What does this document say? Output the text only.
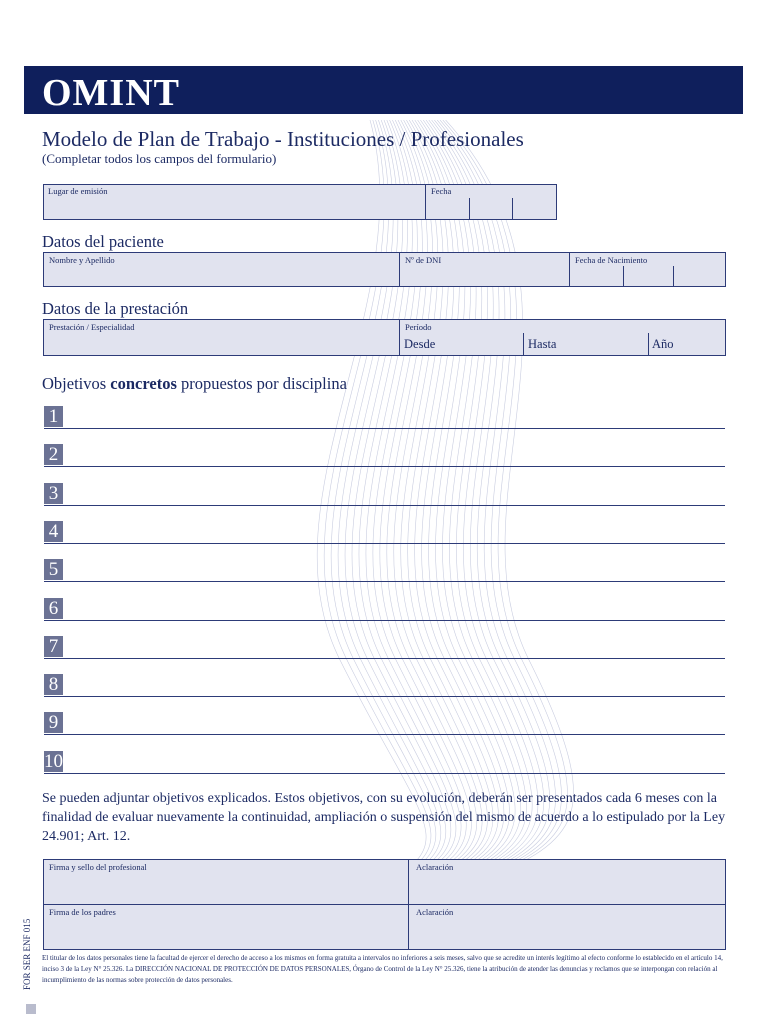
OMINT
Modelo de Plan de Trabajo - Instituciones / Profesionales
(Completar todos los campos del formulario)
Lugar de emisión	Fecha
Datos del paciente
Nombre y Apellido	Nº de DNI	Fecha de Nacimiento
Datos de la prestación
Prestación / Especialidad	Período
Desde	Hasta	Año
Objetivos concretos propuestos por disciplina
1
2
3
4
5
6
7
8
9
10
Se pueden adjuntar objetivos explicados. Estos objetivos, con su evolución, deberán ser presentados cada 6 meses con la finalidad de evaluar nuevamente la continuidad, ampliación o suspensión del mismo de acuerdo a lo estipulado por la Ley 24.901; Art. 12.
Firma y sello del profesional	Aclaración
Firma de los padres	Aclaración
El titular de los datos personales tiene la facultad de ejercer el derecho de acceso a los mismos en forma gratuita a intervalos no inferiores a seis meses, salvo que se acredite un interés legítimo al efecto conforme lo establecido en el artículo 14, inciso 3 de la Ley N° 25.326. La DIRECCIÓN NACIONAL DE PROTECCIÓN DE DATOS PERSONALES, Órgano de Control de la Ley N° 25.326, tiene la atribución de atender las denuncias y reclamos que se interpongan con relación al incumplimiento de las normas sobre protección de datos personales.
FOR SER ENF 015
